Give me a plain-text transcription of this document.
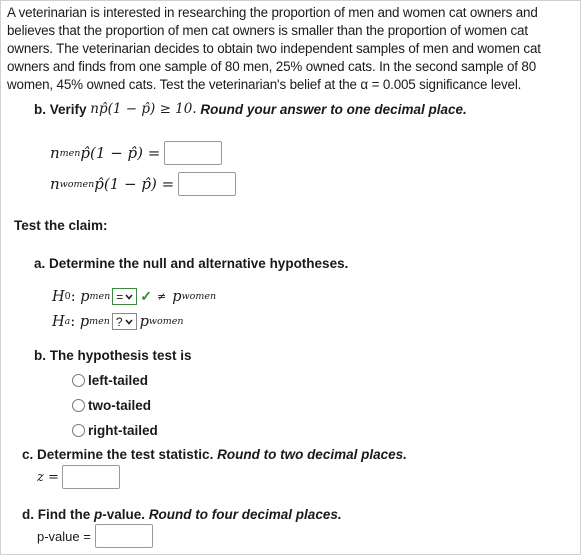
A veterinarian is interested in researching the proportion of men and women cat owners and believes that the proportion of men cat owners is smaller than the proportion of women cat owners. The veterinarian decides to obtain two independent samples of men and women cat owners and finds from one sample of 80 men, 25% owned cats. In the second sample of 80 women, 45% owned cats. Test the veterinarian's belief at the α = 0.005 significance level.
b. Verify
np̂(1 − p̂) ≥ 10.
Round your answer to one decimal place.
n men p̂(1 − p̂) =
n women p̂(1 − p̂) =
Test the claim:
a. Determine the null and alternative hypotheses.
H 0 : p men = ✓ ≠ p women
H a : p men ? p women
b. The hypothesis test is
left-tailed
two-tailed
right-tailed
c. Determine the test statistic. Round to two decimal places.
z =
d. Find the p-value. Round to four decimal places.
p-value =
